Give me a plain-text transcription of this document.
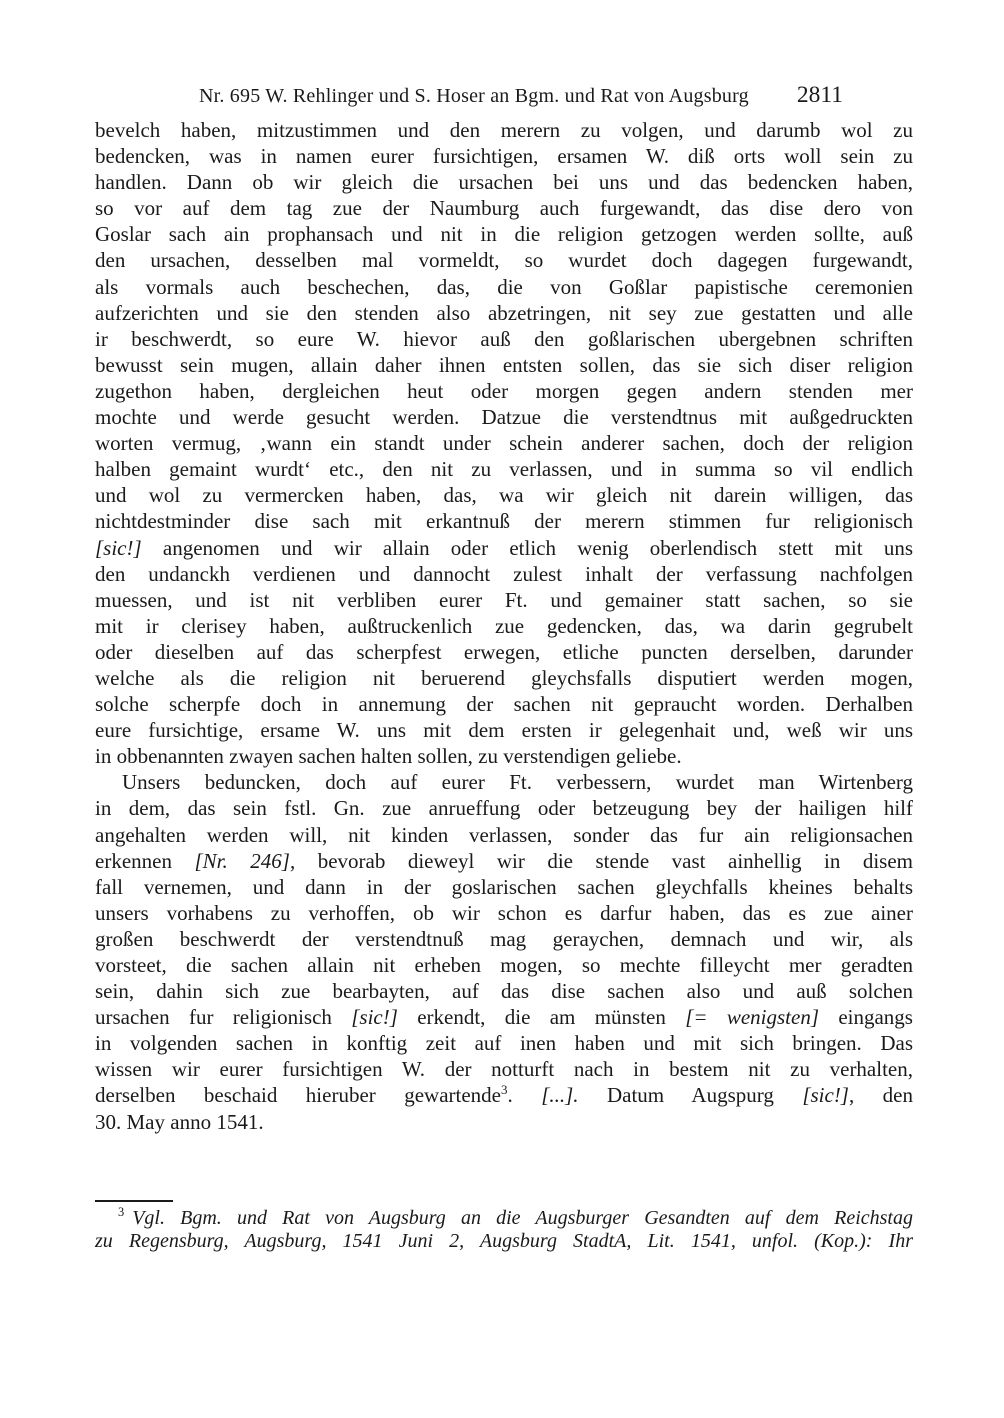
Nr. 695 W. Rehlinger und S. Hoser an Bgm. und Rat von Augsburg 2811
bevelch haben, mitzustimmen und den merern zu volgen, und darumb wol zu
bedencken, was in namen eurer fursichtigen, ersamen W. diß orts woll sein zu
handlen. Dann ob wir gleich die ursachen bei uns und das bedencken haben,
so vor auf dem tag zue der Naumburg auch furgewandt, das dise dero von
Goslar sach ain prophansach und nit in die religion getzogen werden sollte, auß
den ursachen, desselben mal vormeldt, so wurdet doch dagegen furgewandt,
als vormals auch beschechen, das, die von Goßlar papistische ceremonien
aufzerichten und sie den stenden also abzetringen, nit sey zue gestatten und alle
ir beschwerdt, so eure W. hievor auß den goßlarischen ubergebnen schriften
bewusst sein mugen, allain daher ihnen entsten sollen, das sie sich diser religion
zugethon haben, dergleichen heut oder morgen gegen andern stenden mer
mochte und werde gesucht werden. Datzue die verstendtnus mit außgedruckten
worten vermug, ‚wann ein standt under schein anderer sachen, doch der religion
halben gemaint wurdt‘ etc., den nit zu verlassen, und in summa so vil endlich
und wol zu vermercken haben, das, wa wir gleich nit darein willigen, das
nichtdestminder dise sach mit erkantnuß der merern stimmen fur religionisch
[sic!] angenomen und wir allain oder etlich wenig oberlendisch stett mit uns
den undanckh verdienen und dannocht zulest inhalt der verfassung nachfolgen
muessen, und ist nit verbliben eurer Ft. und gemainer statt sachen, so sie
mit ir clerisey haben, außtruckenlich zue gedencken, das, wa darin gegrubelt
oder dieselben auf das scherpfest erwegen, etliche puncten derselben, darunder
welche als die religion nit beruerend gleychsfalls disputiert werden mogen,
solche scherpfe doch in annemung der sachen nit gepraucht worden. Derhalben
eure fursichtige, ersame W. uns mit dem ersten ir gelegenhait und, weß wir uns
in obbenannten zwayen sachen halten sollen, zu verstendigen geliebe.
Unsers beduncken, doch auf eurer Ft. verbessern, wurdet man Wirtenberg
in dem, das sein fstl. Gn. zue anrueffung oder betzeugung bey der hailigen hilf
angehalten werden will, nit kinden verlassen, sonder das fur ain religionsachen
erkennen [Nr. 246], bevorab dieweyl wir die stende vast ainhellig in disem
fall vernemen, und dann in der goslarischen sachen gleychfalls kheines behalts
unsers vorhabens zu verhoffen, ob wir schon es darfur haben, das es zue ainer
großen beschwerdt der verstendtnuß mag geraychen, demnach und wir, als
vorsteet, die sachen allain nit erheben mogen, so mechte filleycht mer geradten
sein, dahin sich zue bearbayten, auf das dise sachen also und auß solchen
ursachen fur religionisch [sic!] erkendt, die am münsten [= wenigsten] eingangs
in volgenden sachen in konftig zeit auf inen haben und mit sich bringen. Das
wissen wir eurer fursichtigen W. der notturft nach in bestem nit zu verhalten,
derselben beschaid hieruber gewartende$^3$. [...]. Datum Augspurg [sic!], den
30. May anno 1541.
$^3$ Vgl. Bgm. und Rat von Augsburg an die Augsburger Gesandten auf dem Reichstag
zu Regensburg, Augsburg, 1541 Juni 2, Augsburg StadtA, Lit. 1541, unfol. (Kop.): Ihr
